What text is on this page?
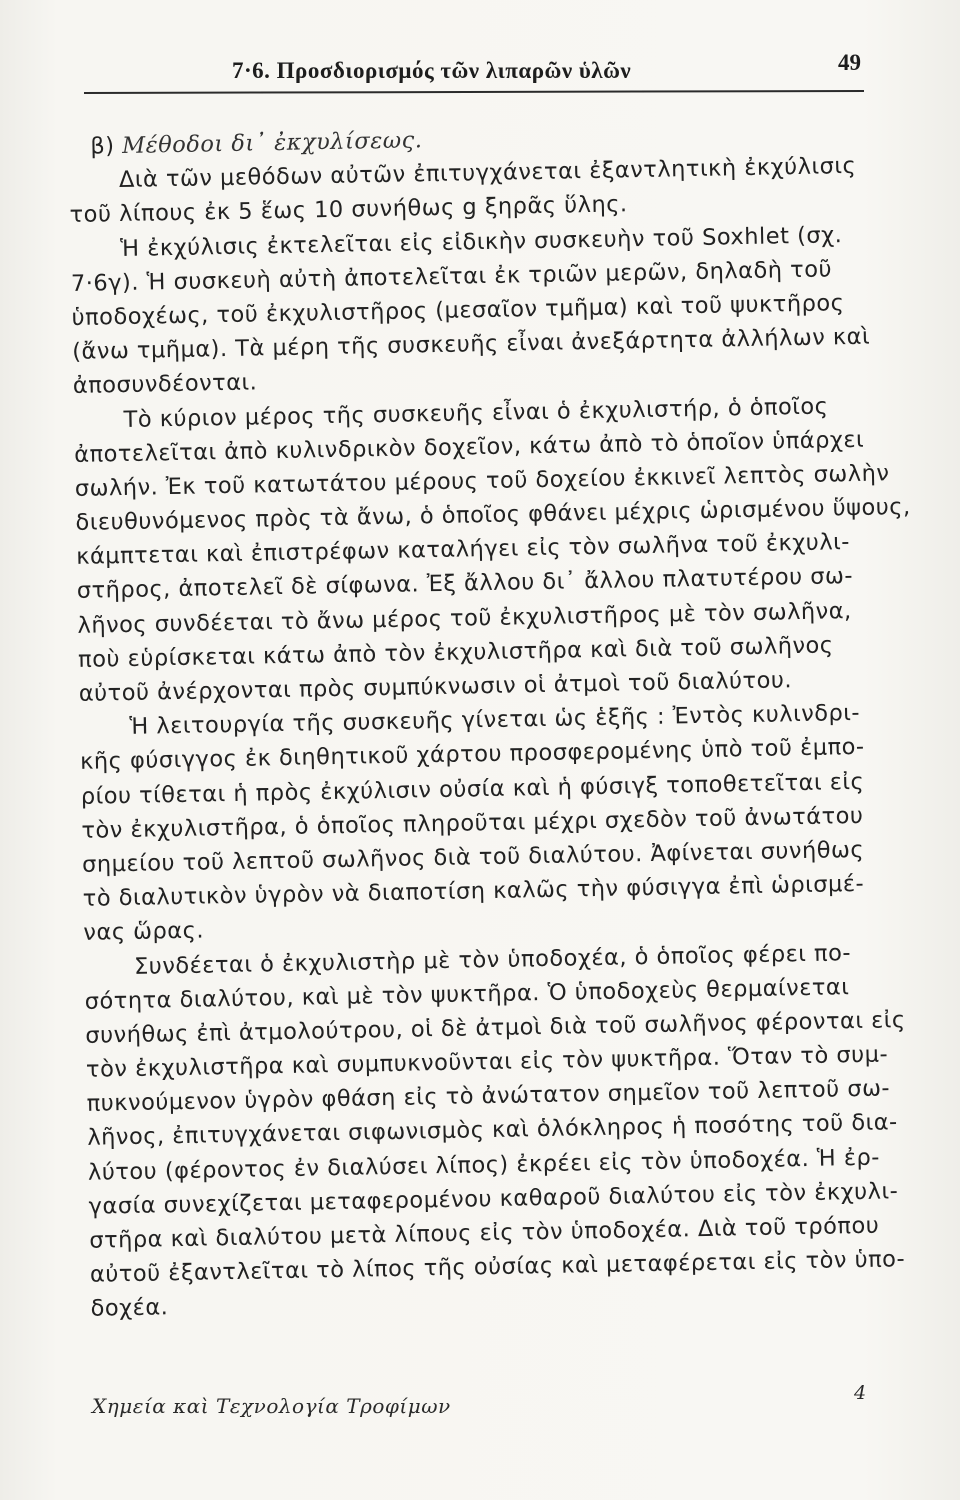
7·6. Προσδιορισμός τῶν λιπαρῶν ὑλῶν	49
β) Μέθοδοι δι᾽ ἐκχυλίσεως.
Διὰ τῶν μεθόδων αὐτῶν ἐπιτυγχάνεται ἐξαντλητικὴ ἐκχύλισις
τοῦ λίπους ἐκ 5 ἕως 10 συνήθως g ξηρᾶς ὕλης.
Ἡ ἐκχύλισις ἐκτελεῖται εἰς εἰδικὴν συσκευὴν τοῦ Soxhlet (σχ.
7·6γ). Ἡ συσκευὴ αὐτὴ ἀποτελεῖται ἐκ τριῶν μερῶν, δηλαδὴ τοῦ
ὑποδοχέως, τοῦ ἐκχυλιστῆρος (μεσαῖον τμῆμα) καὶ τοῦ ψυκτῆρος
(ἄνω τμῆμα). Τὰ μέρη τῆς συσκευῆς εἶναι ἀνεξάρτητα ἀλλήλων καὶ
ἀποσυνδέονται.
Τὸ κύριον μέρος τῆς συσκευῆς εἶναι ὁ ἐκχυλιστήρ, ὁ ὁποῖος
ἀποτελεῖται ἀπὸ κυλινδρικὸν δοχεῖον, κάτω ἀπὸ τὸ ὁποῖον ὑπάρχει
σωλήν. Ἐκ τοῦ κατωτάτου μέρους τοῦ δοχείου ἐκκινεῖ λεπτὸς σωλὴν
διευθυνόμενος πρὸς τὰ ἄνω, ὁ ὁποῖος φθάνει μέχρις ὡρισμένου ὕψους,
κάμπτεται καὶ ἐπιστρέφων καταλήγει εἰς τὸν σωλῆνα τοῦ ἐκχυλι-
στῆρος, ἀποτελεῖ δὲ σίφωνα. Ἐξ ἄλλου δι᾽ ἄλλου πλατυτέρου σω-
λῆνος συνδέεται τὸ ἄνω μέρος τοῦ ἐκχυλιστῆρος μὲ τὸν σωλῆνα,
ποὺ εὑρίσκεται κάτω ἀπὸ τὸν ἐκχυλιστῆρα καὶ διὰ τοῦ σωλῆνος
αὐτοῦ ἀνέρχονται πρὸς συμπύκνωσιν οἱ ἀτμοὶ τοῦ διαλύτου.
Ἡ λειτουργία τῆς συσκευῆς γίνεται ὡς ἑξῆς : Ἐντὸς κυλινδρι-
κῆς φύσιγγος ἐκ διηθητικοῦ χάρτου προσφερομένης ὑπὸ τοῦ ἐμπο-
ρίου τίθεται ἡ πρὸς ἐκχύλισιν οὐσία καὶ ἡ φύσιγξ τοποθετεῖται εἰς
τὸν ἐκχυλιστῆρα, ὁ ὁποῖος πληροῦται μέχρι σχεδὸν τοῦ ἀνωτάτου
σημείου τοῦ λεπτοῦ σωλῆνος διὰ τοῦ διαλύτου. Ἀφίνεται συνήθως
τὸ διαλυτικὸν ὑγρὸν νὰ διαποτίση καλῶς τὴν φύσιγγα ἐπὶ ὡρισμέ-
νας ὥρας.
Συνδέεται ὁ ἐκχυλιστὴρ μὲ τὸν ὑποδοχέα, ὁ ὁποῖος φέρει πο-
σότητα διαλύτου, καὶ μὲ τὸν ψυκτῆρα. Ὁ ὑποδοχεὺς θερμαίνεται
συνήθως ἐπὶ ἀτμολούτρου, οἱ δὲ ἀτμοὶ διὰ τοῦ σωλῆνος φέρονται εἰς
τὸν ἐκχυλιστῆρα καὶ συμπυκνοῦνται εἰς τὸν ψυκτῆρα. Ὅταν τὸ συμ-
πυκνούμενον ὑγρὸν φθάση εἰς τὸ ἀνώτατον σημεῖον τοῦ λεπτοῦ σω-
λῆνος, ἐπιτυγχάνεται σιφωνισμὸς καὶ ὁλόκληρος ἡ ποσότης τοῦ δια-
λύτου (φέροντος ἐν διαλύσει λίπος) ἐκρέει εἰς τὸν ὑποδοχέα. Ἡ ἐρ-
γασία συνεχίζεται μεταφερομένου καθαροῦ διαλύτου εἰς τὸν ἐκχυλι-
στῆρα καὶ διαλύτου μετὰ λίπους εἰς τὸν ὑποδοχέα. Διὰ τοῦ τρόπου
αὐτοῦ ἐξαντλεῖται τὸ λίπος τῆς οὐσίας καὶ μεταφέρεται εἰς τὸν ὑπο-
δοχέα.
Χημεία καὶ Τεχνολογία Τροφίμων
4
